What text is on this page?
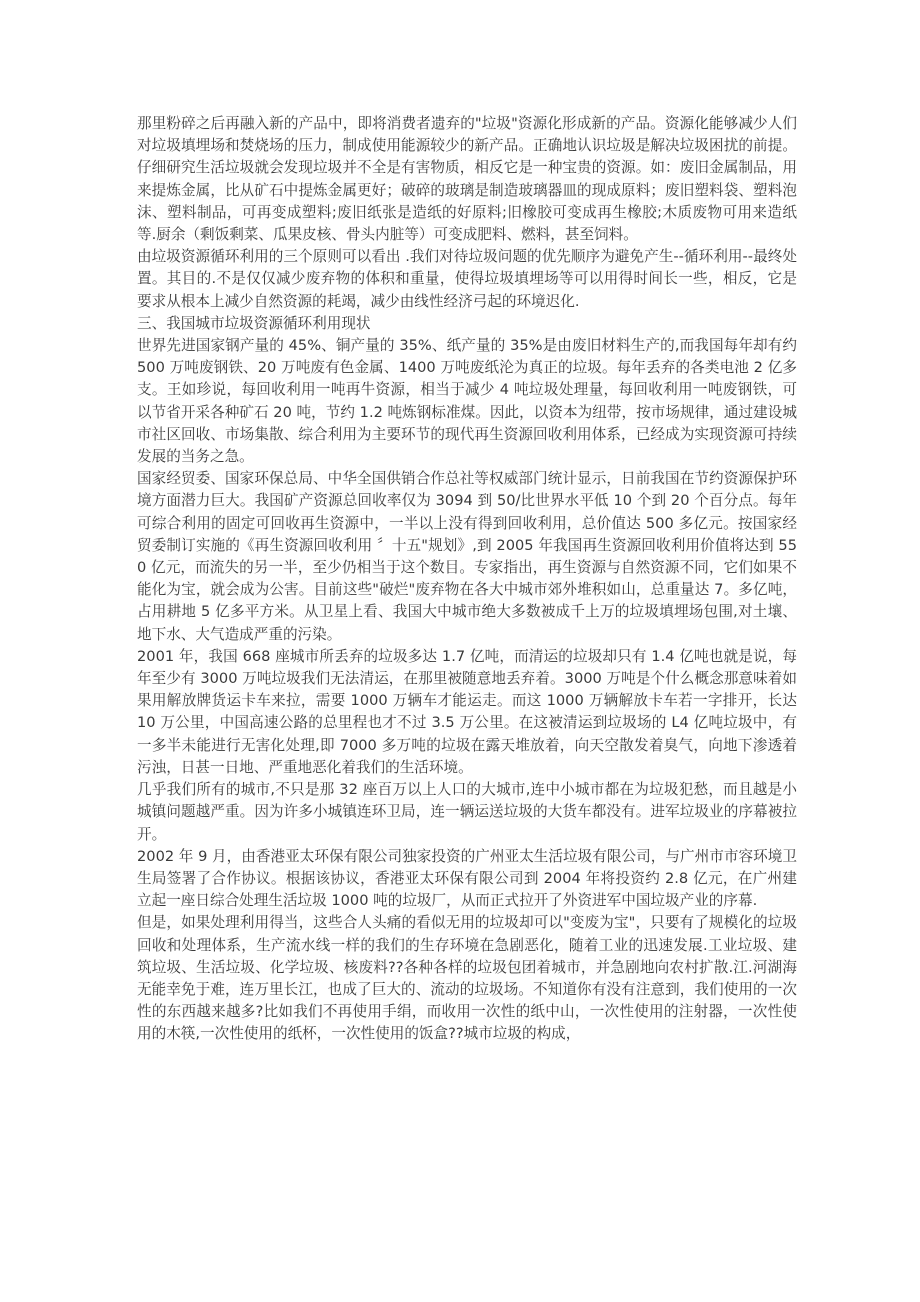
那里粉碎之后再融入新的产品中，即将消费者遗弃的"垃圾"资源化形成新的产品。资源化能够减少人们对垃圾填埋场和焚烧场的压力，制成使用能源较少的新产品。正确地认识垃圾是解决垃圾困扰的前提。仔细研究生活垃圾就会发现垃圾并不全是有害物质，相反它是一种宝贵的资源。如：废旧金属制品，用来提炼金属，比从矿石中提炼金属更好；破碎的玻璃是制造玻璃器皿的现成原料；废旧塑料袋、塑料泡沫、塑料制品，可再变成塑料;废旧纸张是造纸的好原料;旧橡胶可变成再生橡胶;木质废物可用来造纸等.厨余（剩饭剩菜、瓜果皮核、骨头内脏等）可变成肥料、燃料，甚至饲料。

由垃圾资源循环利用的三个原则可以看出 .我们对待垃圾问题的优先顺序为避免产生--循环利用--最终处置。其目的.不是仅仅减少废弃物的体积和重量，使得垃圾填埋场等可以用得时间长一些，相反，它是要求从根本上减少自然资源的耗竭，减少由线性经济弓起的环境迟化.

三、我国城市垃圾资源循环利用现状

世界先进国家钢产量的 45%、铜产量的 35%、纸产量的 35%是由废旧材料生产的,而我国每年却有约 500 万吨废钢铁、20 万吨废有色金属、1400 万吨废纸沦为真正的垃圾。每年丢弃的各类电池 2 亿多支。王如珍说，每回收利用一吨再牛资源，相当于减少 4 吨垃圾处理量，每回收利用一吨废钢铁，可以节省开采各种矿石 20 吨，节约 1.2 吨炼钢标准煤。因此，以资本为纽带，按市场规律，通过建设城市社区回收、市场集散、综合利用为主要环节的现代再生资源回收利用体系，已经成为实现资源可持续发展的当务之急。

国家经贸委、国家环保总局、中华全国供销合作总社等权威部门统计显示，日前我国在节约资源保护环境方面潜力巨大。我国矿产资源总回收率仅为 3094 到 50/比世界水平低 10 个到 20 个百分点。每年可综合利用的固定可回收再生资源中，一半以上没有得到回收利用，总价值达 500 多亿元。按国家经贸委制订实施的《再生资源回收利用 〞十五"规划》,到 2005 年我国再生资源回收利用价值将达到 550 亿元，而流失的另一半，至少仍相当于这个数目。专家指出，再生资源与自然资源不同，它们如果不能化为宝，就会成为公害。目前这些"破烂"废弃物在各大中城市郊外堆积如山，总重量达 7。多亿吨，占用耕地 5 亿多平方米。从卫星上看、我国大中城市绝大多数被成千上万的垃圾填埋场包围,对土壤、地下水、大气造成严重的污染。

2001 年，我国 668 座城市所丢弃的垃圾多达 1.7 亿吨，而清运的垃圾却只有 1.4 亿吨也就是说，每年至少有 3000 万吨垃圾我们无法清运，在那里被随意地丢弃着。3000 万吨是个什么概念那意味着如果用解放牌货运卡车来拉，需要 1000 万辆车才能运走。而这 1000 万辆解放卡车若一字排开，长达 10 万公里，中国高速公路的总里程也才不过 3.5 万公里。在这被清运到垃圾场的 L4 亿吨垃圾中，有一多半未能进行无害化处理,即 7000 多万吨的垃圾在露天堆放着，向天空散发着臭气，向地下渗透着污浊，日甚一日地、严重地恶化着我们的生活环境。

几乎我们所有的城市,不只是那 32 座百万以上人口的大城市,连中小城市都在为垃圾犯愁，而且越是小城镇问题越严重。因为许多小城镇连环卫局，连一辆运送垃圾的大货车都没有。进军垃圾业的序幕被拉开。

2002 年 9 月，由香港亚太环保有限公司独家投资的广州亚太生活垃圾有限公司，与广州市市容环境卫生局签署了合作协议。根据该协议，香港亚太环保有限公司到 2004 年将投资约 2.8 亿元，在广州建立起一座日综合处理生活垃圾 1000 吨的垃圾厂，从而正式拉开了外资进军中国垃圾产业的序幕.

但是，如果处理利用得当，这些合人头痛的看似无用的垃圾却可以"变废为宝"，只要有了规模化的垃圾回收和处理体系，生产流水线一样的我们的生存环境在急剧恶化，随着工业的迅速发展.工业垃圾、建筑垃圾、生活垃圾、化学垃圾、核废料??各种各样的垃圾包团着城市，并急剧地向农村扩散.江.河湖海无能幸免于难，连万里长江，也成了巨大的、流动的垃圾场。不知道你有没有注意到，我们使用的一次性的东西越来越多?比如我们不再使用手绢，而收用一次性的纸中山，一次性使用的注射器，一次性使用的木筷,一次性使用的纸杯，一次性使用的饭盒??城市垃圾的构成，
